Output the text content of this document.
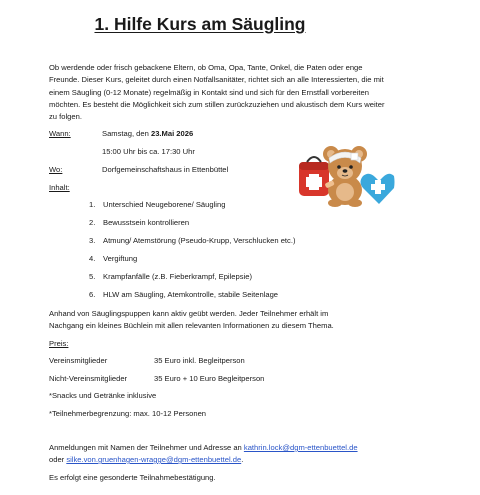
1. Hilfe Kurs am Säugling
Ob werdende oder frisch gebackene Eltern, ob Oma, Opa, Tante, Onkel, die Paten oder enge Freunde. Dieser Kurs, geleitet durch einen Notfallsanitäter, richtet sich an alle Interessierten, die mit einem Säugling (0-12 Monate) regelmäßig in Kontakt sind und sich für den Ernstfall vorbereiten möchten. Es besteht die Möglichkeit sich zum stillen zurückzuziehen und akustisch dem Kurs weiter zu folgen.
Wann:	Samstag, den 23.Mai 2026
15:00 Uhr bis ca. 17:30 Uhr
Wo:	Dorfgemeinschaftshaus in Ettenbüttel
Inhalt:
1. Unterschied Neugeborene/ Säugling
2. Bewusstsein kontrollieren
3. Atmung/ Atemstörung (Pseudo-Krupp, Verschlucken etc.)
4. Vergiftung
5. Krampfanfälle (z.B. Fieberkrampf, Epilepsie)
6. HLW am Säugling, Atemkontrolle, stabile Seitenlage
Anhand von Säuglingspuppen kann aktiv geübt werden. Jeder Teilnehmer erhält im
Nachgang ein kleines Büchlein mit allen relevanten Informationen zu diesem Thema.
Preis:
Vereinsmitglieder	35 Euro inkl. Begleitperson
Nicht-Vereinsmitglieder	35 Euro + 10 Euro Begleitperson
*Snacks und Getränke inklusive
*Teilnehmerbegrenzung: max. 10-12 Personen
Anmeldungen mit Namen der Teilnehmer und Adresse an kathrin.lock@dgm-ettenbuettel.de
oder silke.von.gruenhagen-wragge@dgm-ettenbuettel.de.
Es erfolgt eine gesonderte Teilnahmebestätigung.
